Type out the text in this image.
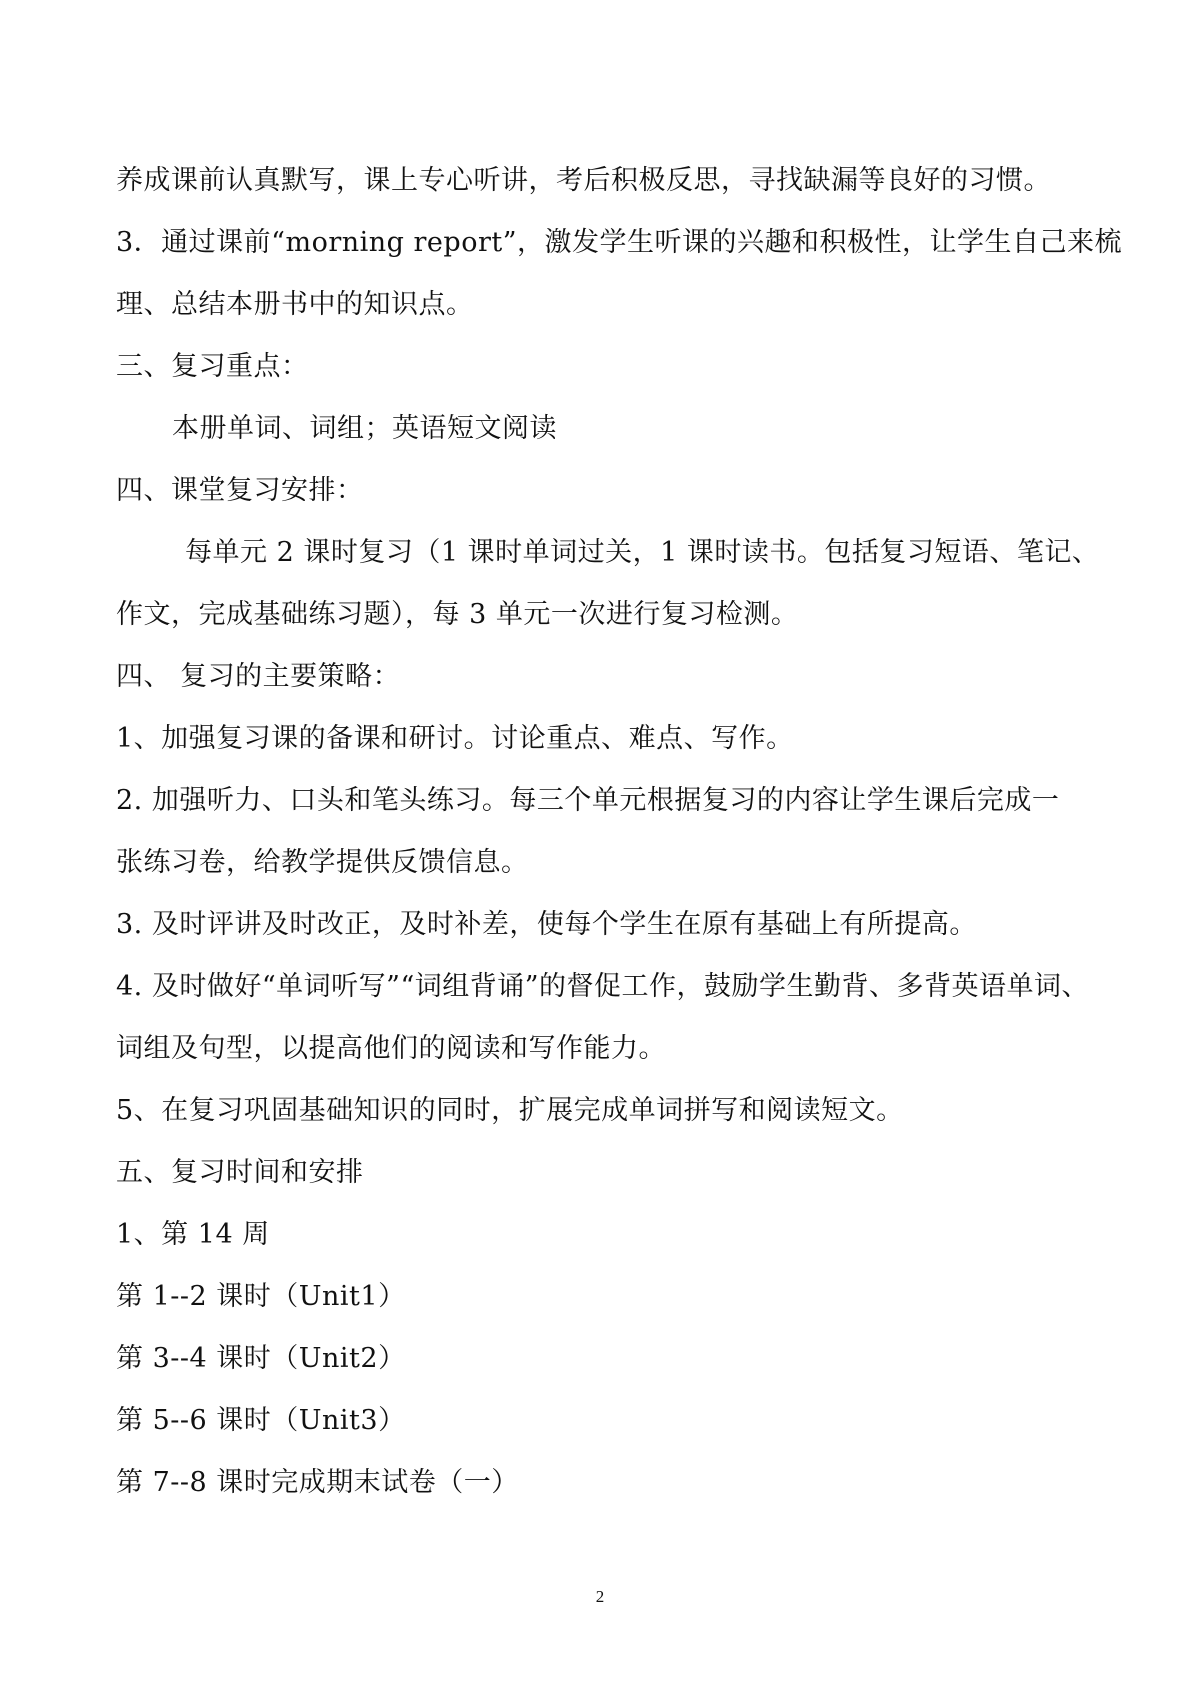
养成课前认真默写，课上专心听讲，考后积极反思，寻找缺漏等良好的习惯。
3．通过课前“morning report”，激发学生听课的兴趣和积极性，让学生自己来梳
理、总结本册书中的知识点。
三、复习重点：
本册单词、词组；英语短文阅读
四、课堂复习安排：
每单元 2 课时复习（1 课时单词过关，1 课时读书。包括复习短语、笔记、
作文，完成基础练习题），每 3 单元一次进行复习检测。
四、 复习的主要策略：
1、加强复习课的备课和研讨。讨论重点、难点、写作。
2. 加强听力、口头和笔头练习。每三个单元根据复习的内容让学生课后完成一
张练习卷，给教学提供反馈信息。
3. 及时评讲及时改正，及时补差，使每个学生在原有基础上有所提高。
4. 及时做好“单词听写”“词组背诵”的督促工作，鼓励学生勤背、多背英语单词、
词组及句型，以提高他们的阅读和写作能力。
5、在复习巩固基础知识的同时，扩展完成单词拼写和阅读短文。
五、复习时间和安排
1、第 14 周
第 1--2 课时（Unit1）
第 3--4 课时（Unit2）
第 5--6 课时（Unit3）
第 7--8 课时完成期末试卷（一）
2
